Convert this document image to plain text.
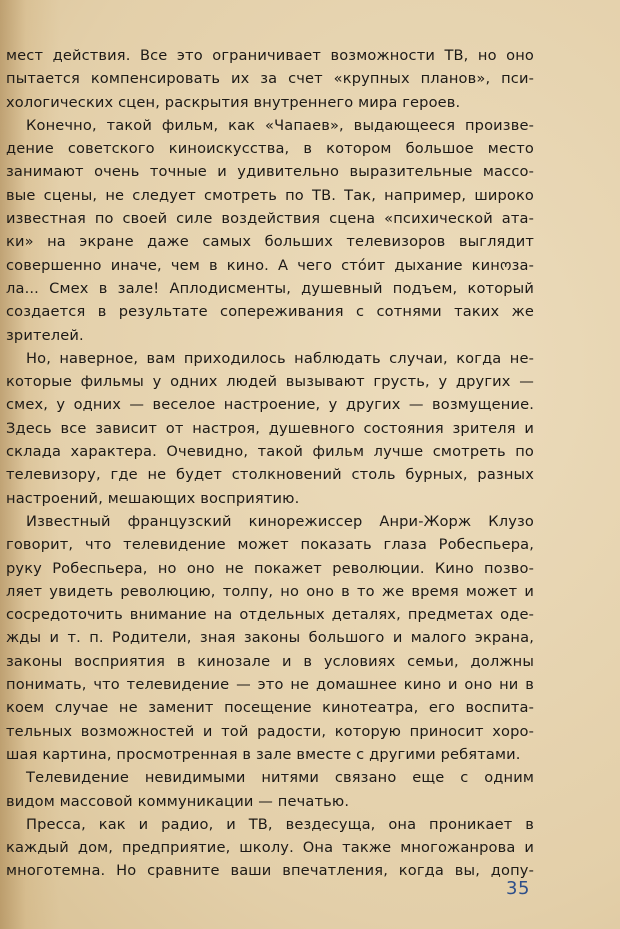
мест действия. Все это ограничивает возможности ТВ, но оно
пытается компенсировать их за счет «крупных планов», пси-
хологических сцен, раскрытия внутреннего мира героев.
Конечно, такой фильм, как «Чапаев», выдающееся произве-
дение советского киноискусства, в котором большое место
занимают очень точные и удивительно выразительные массо-
вые сцены, не следует смотреть по ТВ. Так, например, широко
известная по своей силе воздействия сцена «психической ата-
ки» на экране даже самых больших телевизоров выглядит
совершенно иначе, чем в кино. А чего стóит дыхание кинოза-
ла... Смех в зале! Аплодисменты, душевный подъем, который
создается в результате сопереживания с сотнями таких же
зрителей.
Но, наверное, вам приходилось наблюдать случаи, когда не-
которые фильмы у одних людей вызывают грусть, у других —
смех, у одних — веселое настроение, у других — возмущение.
Здесь все зависит от настроя, душевного состояния зрителя и
склада характера. Очевидно, такой фильм лучше смотреть по
телевизору, где не будет столкновений столь бурных, разных
настроений, мешающих восприятию.
Известный французский кинорежиссер Анри-Жорж Клузо
говорит, что телевидение может показать глаза Робеспьера,
руку Робеспьера, но оно не покажет революции. Кино позво-
ляет увидеть революцию, толпу, но оно в то же время может и
сосредоточить внимание на отдельных деталях, предметах оде-
жды и т. п. Родители, зная законы большого и малого экрана,
законы восприятия в кинозале и в условиях семьи, должны
понимать, что телевидение — это не домашнее кино и оно ни в
коем случае не заменит посещение кинотеатра, его воспита-
тельных возможностей и той радости, которую приносит хоро-
шая картина, просмотренная в зале вместе с другими ребятами.
Телевидение невидимыми нитями связано еще с одним
видом массовой коммуникации — печатью.
Пресса, как и радио, и ТВ, вездесуща, она проникает в
каждый дом, предприятие, школу. Она также многожанрова и
многотемна. Но сравните ваши впечатления, когда вы, допу-
35
